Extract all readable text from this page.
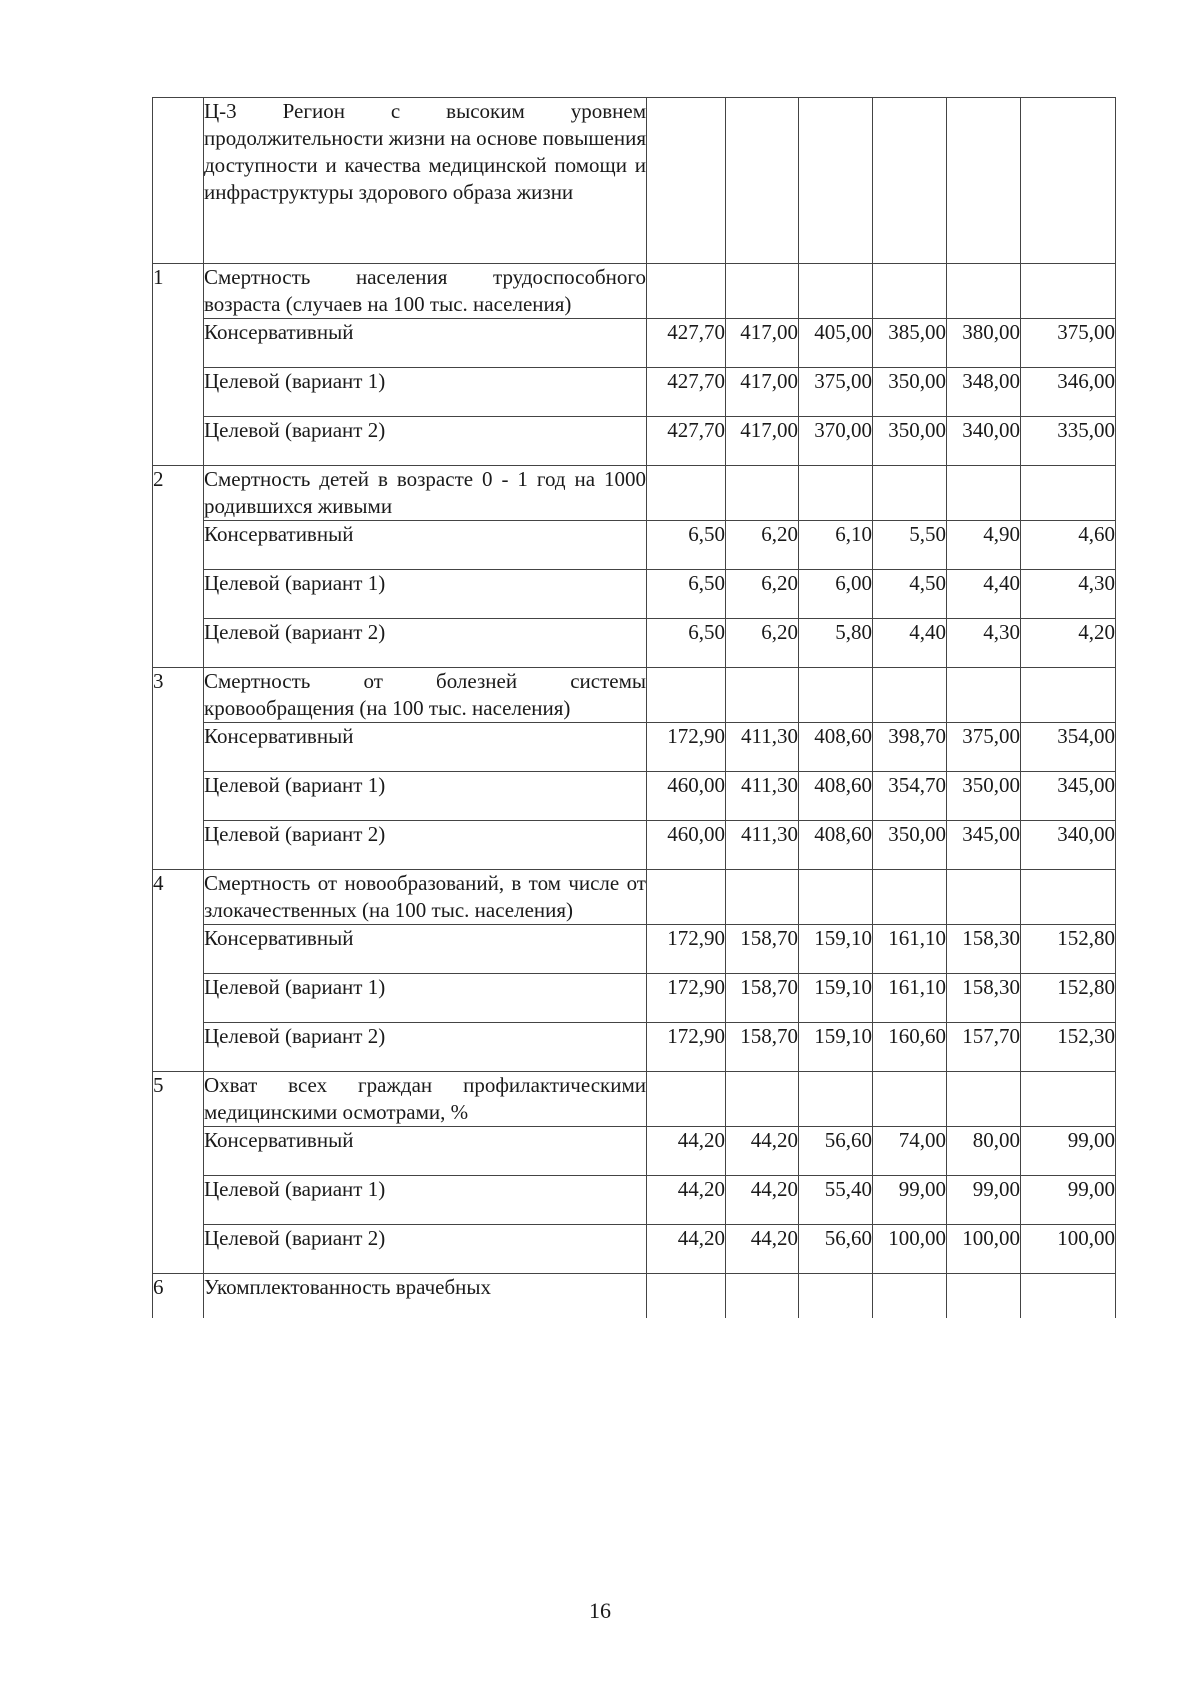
	Ц-3 Регион с высоким уровнем продолжительности жизни на основе повышения доступности и качества медицинской помощи и инфраструктуры здорового образа жизни						
1	Смертность населения трудоспособного возраста (случаев на 100 тыс. населения)						
	Консервативный	427,70	417,00	405,00	385,00	380,00	375,00
	Целевой (вариант 1)	427,70	417,00	375,00	350,00	348,00	346,00
	Целевой (вариант 2)	427,70	417,00	370,00	350,00	340,00	335,00
2	Смертность детей в возрасте 0 - 1 год на 1000 родившихся живыми						
	Консервативный	6,50	6,20	6,10	5,50	4,90	4,60
	Целевой (вариант 1)	6,50	6,20	6,00	4,50	4,40	4,30
	Целевой (вариант 2)	6,50	6,20	5,80	4,40	4,30	4,20
3	Смертность от болезней системы кровообращения (на 100 тыс. населения)						
	Консервативный	172,90	411,30	408,60	398,70	375,00	354,00
	Целевой (вариант 1)	460,00	411,30	408,60	354,70	350,00	345,00
	Целевой (вариант 2)	460,00	411,30	408,60	350,00	345,00	340,00
4	Смертность от новообразований, в том числе от злокачественных (на 100 тыс. населения)						
	Консервативный	172,90	158,70	159,10	161,10	158,30	152,80
	Целевой (вариант 1)	172,90	158,70	159,10	161,10	158,30	152,80
	Целевой (вариант 2)	172,90	158,70	159,10	160,60	157,70	152,30
5	Охват всех граждан профилактическими медицинскими осмотрами, %						
	Консервативный	44,20	44,20	56,60	74,00	80,00	99,00
	Целевой (вариант 1)	44,20	44,20	55,40	99,00	99,00	99,00
	Целевой (вариант 2)	44,20	44,20	56,60	100,00	100,00	100,00
6	Укомплектованность врачебных						
16
